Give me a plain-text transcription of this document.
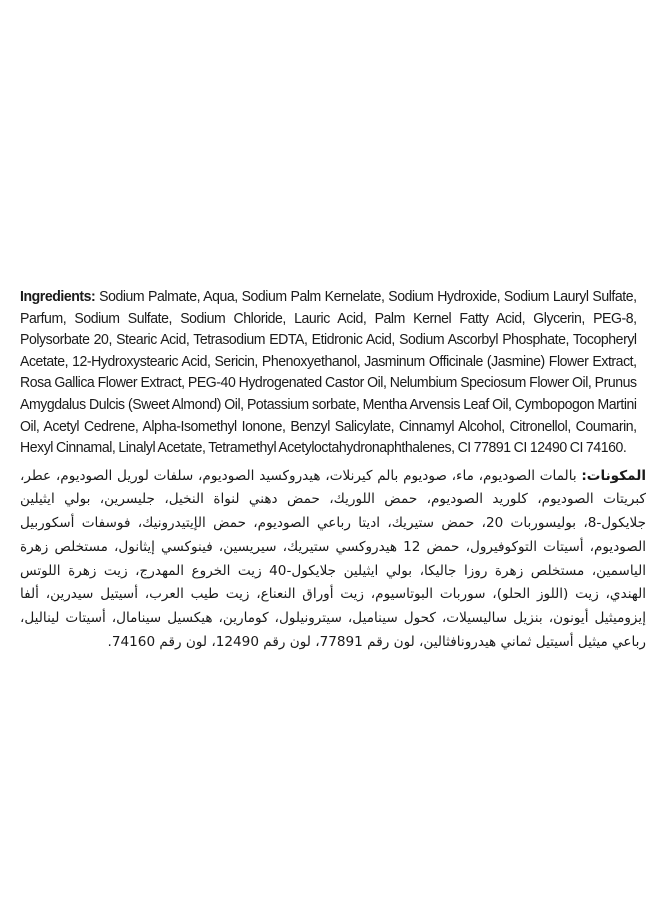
Ingredients: Sodium Palmate, Aqua, Sodium Palm Kernelate, Sodium Hydroxide, Sodium Lauryl Sulfate, Parfum, Sodium Sulfate, Sodium Chloride, Lauric Acid, Palm Kernel Fatty Acid, Glycerin, PEG-8, Polysorbate 20, Stearic Acid, Tetrasodium EDTA, Etidronic Acid, Sodium Ascorbyl Phosphate, Tocopheryl Acetate, 12-Hydroxystearic Acid, Sericin, Phenoxyethanol, Jasminum Officinale (Jasmine) Flower Extract, Rosa Gallica Flower Extract, PEG-40 Hydrogenated Castor Oil, Nelumbium Speciosum Flower Oil, Prunus Amygdalus Dulcis (Sweet Almond) Oil, Potassium sorbate, Mentha Arvensis Leaf Oil, Cymbopogon Martini Oil, Acetyl Cedrene, Alpha-Isomethyl Ionone, Benzyl Salicylate, Cinnamyl Alcohol, Citronellol, Coumarin, Hexyl Cinnamal, Linalyl Acetate, Tetramethyl Acetyloctahydronaphthalenes, CI 77891 CI 12490 CI 74160.

المكونات: بالمات الصوديوم، ماء، صوديوم بالم كيرنلات، هيدروكسيد الصوديوم، سلفات لوريل الصوديوم، عطر، كبريتات الصوديوم، كلوريد الصوديوم، حمض اللوريك، حمض دهني لنواة النخيل، جليسرين، بولي ايثيلين جلايكول-8، بوليسوربات 20، حمض ستيريك، اديتا رباعي الصوديوم، حمض الإيتيدرونيك، فوسفات أسكوربيل الصوديوم، أسيتات التوكوفيرول، حمض 12 هيدروكسي ستيريك، سيريسين، فينوكسي إيثانول، مستخلص زهرة الياسمين، مستخلص زهرة روزا جاليكا، بولي ايثيلين جلايكول-40 زيت الخروع المهدرج، زيت زهرة اللوتس الهندي، زيت (اللوز الحلو)، سوربات البوتاسيوم، زيت أوراق النعناع، زيت طيب العرب، أسيتيل سيدرين، ألفا إيزوميثيل أيونون، بنزيل ساليسيلات، كحول سيناميل، سيترونيلول، كومارين، هيكسيل سينامال، أسيتات ليناليل، رباعي ميثيل أسيتيل ثماني هيدرونافثالين، لون رقم 77891، لون رقم 12490، لون رقم 74160.
